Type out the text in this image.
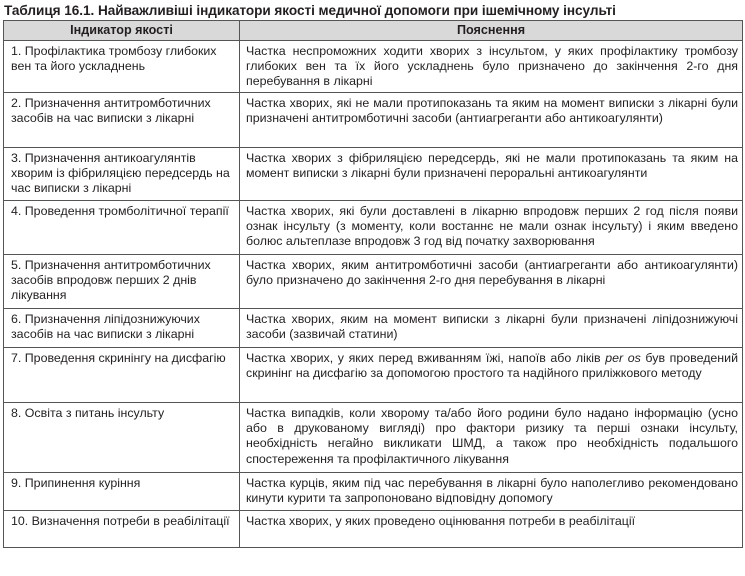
Таблиця 16.1. Найважливіші індикатори якості медичної допомоги при ішемічному інсульті
Індикатор якості	Пояснення
1. Профілактика тромбозу глибоких вен та його ускладнень	Частка неспроможних ходити хворих з інсультом, у яких профілактику тромбозу глибоких вен та їх його ускладнень було призначено до закінчення 2-го дня перебування в лікарні
2. Призначення антитромботичних засобів на час виписки з лікарні	Частка хворих, які не мали протипоказань та яким на момент виписки з лікарні були призначені антитромботичні засоби (антиагреганти або антикоагулянти)
3. Призначення антикоагулянтів хворим із фібриляцією передсердь на час виписки з лікарні	Частка хворих з фібриляцією передсердь, які не мали протипоказань та яким на момент виписки з лікарні були призначені пероральні антикоагулянти
4. Проведення тромболітичної терапії	Частка хворих, які були доставлені в лікарню впродовж перших 2 год після появи ознак інсульту (з моменту, коли востаннє не мали ознак інсульту) і яким введено болюс альтеплазе впродовж 3 год від початку захворювання
5. Призначення антитромботичних засобів впродовж перших 2 днів лікування	Частка хворих, яким антитромботичні засоби (антиагреганти або антикоагулянти) було призначено до закінчення 2-го дня перебування в лікарні
6. Призначення ліпідознижуючих засобів на час виписки з лікарні	Частка хворих, яким на момент виписки з лікарні були призначені ліпідознижуючі засоби (зазвичай статини)
7. Проведення скринінгу на дисфагію	Частка хворих, у яких перед вживанням їжі, напоїв або ліків per os був проведений скринінг на дисфагію за допомогою простого та надійного приліжкового методу
8. Освіта з питань інсульту	Частка випадків, коли хворому та/або його родини було надано інформацію (усно або в друкованому вигляді) про фактори ризику та перші ознаки інсульту, необхідність негайно викликати ШМД, а також про необхідність подальшого спостереження та профілактичного лікування
9. Припинення куріння	Частка курців, яким під час перебування в лікарні було наполегливо рекомендовано кинути курити та запропоновано відповідну допомогу
10. Визначення потреби в реабілітації	Частка хворих, у яких проведено оцінювання потреби в реабілітації
